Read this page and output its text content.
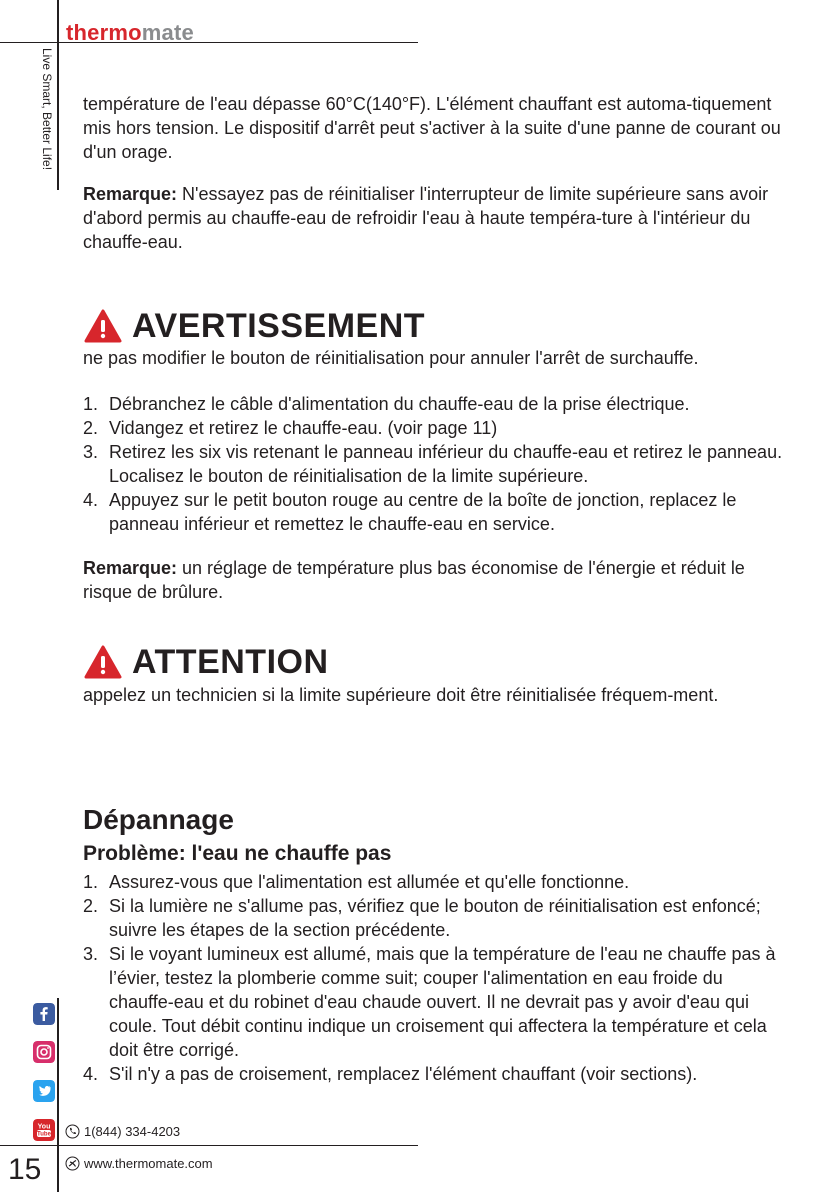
thermomate
Live Smart, Better Life! température de l'eau dépasse 60°C(140°F). L'élément chauffant est automa-tiquement mis hors tension. Le dispositif d'arrêt peut s'activer à la suite d'une panne de courant ou d'un orage.

Remarque: N'essayez pas de réinitialiser l'interrupteur de limite supérieure sans avoir d'abord permis au chauffe-eau de refroidir l'eau à haute tempéra-ture à l'intérieur du chauffe-eau.

AVERTISSEMENT

ne pas modifier le bouton de réinitialisation pour annuler l'arrêt de surchauffe.

1. Débranchez le câble d'alimentation du chauffe-eau de la prise électrique.
2. Vidangez et retirez le chauffe-eau. (voir page 11)
3. Retirez les six vis retenant le panneau inférieur du chauffe-eau et retirez le panneau. Localisez le bouton de réinitialisation de la limite supérieure.
4. Appuyez sur le petit bouton rouge au centre de la boîte de jonction, replacez le panneau inférieur et remettez le chauffe-eau en service.

Remarque: un réglage de température plus bas économise de l'énergie et réduit le risque de brûlure.

ATTENTION

appelez un technicien si la limite supérieure doit être réinitialisée fréquem-ment.

Dépannage
Problème: l'eau ne chauffe pas
1. Assurez-vous que l'alimentation est allumée et qu'elle fonctionne.
2. Si la lumière ne s'allume pas, vérifiez que le bouton de réinitialisation est enfoncé; suivre les étapes de la section précédente.
3. Si le voyant lumineux est allumé, mais que la température de l'eau ne chauffe pas à l’évier, testez la plomberie comme suit; couper l'alimentation en eau froide du chauffe-eau et du robinet d'eau chaude ouvert. Il ne devrait pas y avoir d'eau qui coule. Tout débit continu indique un croisement qui affectera la température et cela doit être corrigé.
4. S'il n'y a pas de croisement, remplacez l'élément chauffant (voir sections).
You
Tube	1(844) 334-4203
www.thermomate.com
15
